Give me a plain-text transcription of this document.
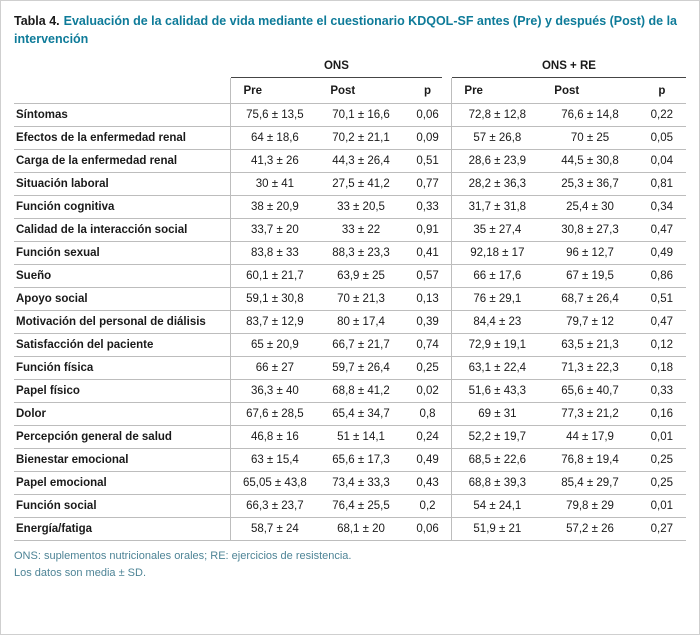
Tabla 4. Evaluación de la calidad de vida mediante el cuestionario KDQOL-SF antes (Pre) y después (Post) de la intervención

	ONS			ONS + RE		

	Pre	Post	p	Pre	Post	p
Síntomas	75,6 ± 13,5	70,1 ± 16,6	0,06	72,8 ± 12,8	76,6 ± 14,8	0,22
Efectos de la enfermedad renal	64 ± 18,6	70,2 ± 21,1	0,09	57 ± 26,8	70 ± 25	0,05
Carga de la enfermedad renal	41,3 ± 26	44,3 ± 26,4	0,51	28,6 ± 23,9	44,5 ± 30,8	0,04
Situación laboral	30 ± 41	27,5 ± 41,2	0,77	28,2 ± 36,3	25,3 ± 36,7	0,81
Función cognitiva	38 ± 20,9	33 ± 20,5	0,33	31,7 ± 31,8	25,4 ± 30	0,34
Calidad de la interacción social	33,7 ± 20	33 ± 22	0,91	35 ± 27,4	30,8 ± 27,3	0,47
Función sexual	83,8 ± 33	88,3 ± 23,3	0,41	92,18 ± 17	96 ± 12,7	0,49
Sueño	60,1 ± 21,7	63,9 ± 25	0,57	66 ± 17,6	67 ± 19,5	0,86
Apoyo social	59,1 ± 30,8	70 ± 21,3	0,13	76 ± 29,1	68,7 ± 26,4	0,51
Motivación del personal de diálisis	83,7 ± 12,9	80 ± 17,4	0,39	84,4 ± 23	79,7 ± 12	0,47
Satisfacción del paciente	65 ± 20,9	66,7 ± 21,7	0,74	72,9 ± 19,1	63,5 ± 21,3	0,12
Función física	66 ± 27	59,7 ± 26,4	0,25	63,1 ± 22,4	71,3 ± 22,3	0,18
Papel físico	36,3 ± 40	68,8 ± 41,2	0,02	51,6 ± 43,3	65,6 ± 40,7	0,33
Dolor	67,6 ± 28,5	65,4 ± 34,7	0,8	69 ± 31	77,3 ± 21,2	0,16
Percepción general de salud	46,8 ± 16	51 ± 14,1	0,24	52,2 ± 19,7	44 ± 17,9	0,01
Bienestar emocional	63 ± 15,4	65,6 ± 17,3	0,49	68,5 ± 22,6	76,8 ± 19,4	0,25
Papel emocional	65,05 ± 43,8	73,4 ± 33,3	0,43	68,8 ± 39,3	85,4 ± 29,7	0,25
Función social	66,3 ± 23,7	76,4 ± 25,5	0,2	54 ± 24,1	79,8 ± 29	0,01
Energía/fatiga	58,7 ± 24	68,1 ± 20	0,06	51,9 ± 21	57,2 ± 26	0,27
ONS: suplementos nutricionales orales; RE: ejercicios de resistencia.
Los datos son media ± SD.
